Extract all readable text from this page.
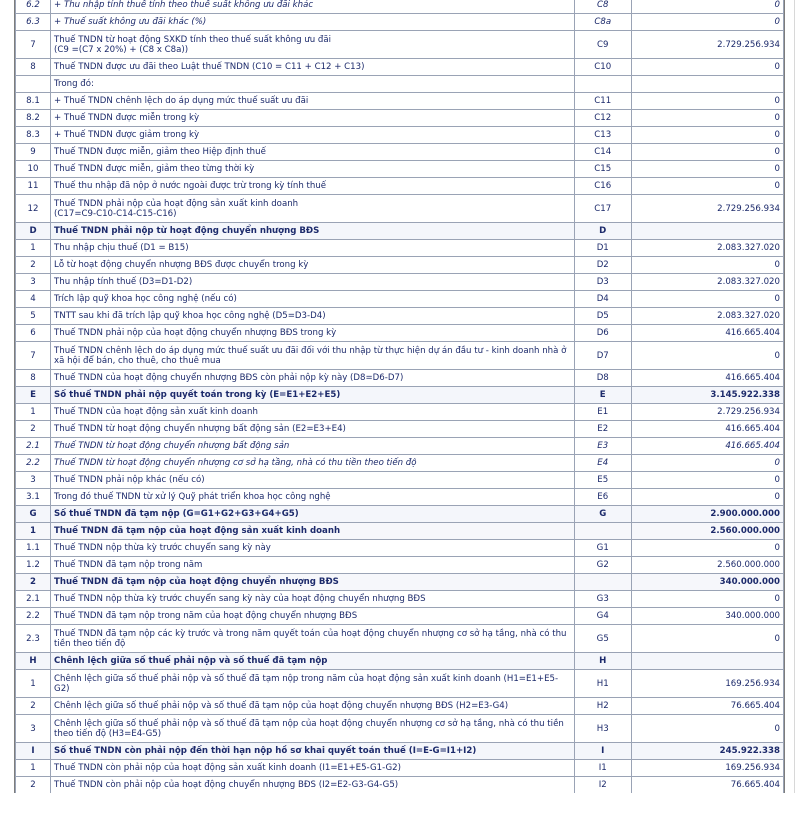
6.2	+ Thu nhập tính thuế tính theo thuế suất không ưu đãi khác	C8	0
6.3	+ Thuế suất không ưu đãi khác (%)	C8a	0
7	Thuế TNDN từ hoạt động SXKD tính theo thuế suất không ưu đãi
(C9 =(C7 x 20%) + (C8 x C8a))	C9	2.729.256.934
8	Thuế TNDN được ưu đãi theo Luật thuế TNDN (C10 = C11 + C12 + C13)	C10	0
	Trong đó:		
8.1	+ Thuế TNDN chênh lệch do áp dụng mức thuế suất ưu đãi	C11	0
8.2	+ Thuế TNDN được miễn trong kỳ	C12	0
8.3	+ Thuế TNDN được giảm trong kỳ	C13	0
9	Thuế TNDN được miễn, giảm theo Hiệp định thuế	C14	0
10	Thuế TNDN được miễn, giảm theo từng thời kỳ	C15	0
11	Thuế thu nhập đã nộp ở nước ngoài được trừ trong kỳ tính thuế	C16	0
12	Thuế TNDN phải nộp của hoạt động sản xuất kinh doanh
(C17=C9-C10-C14-C15-C16)	C17	2.729.256.934
D	Thuế TNDN phải nộp từ hoạt động chuyển nhượng BĐS	D	
1	Thu nhập chịu thuế (D1 = B15)	D1	2.083.327.020
2	Lỗ từ hoạt động chuyển nhượng BĐS được chuyển trong kỳ	D2	0
3	Thu nhập tính thuế (D3=D1-D2)	D3	2.083.327.020
4	Trích lập quỹ khoa học công nghệ (nếu có)	D4	0
5	TNTT sau khi đã trích lập quỹ khoa học công nghệ (D5=D3-D4)	D5	2.083.327.020
6	Thuế TNDN phải nộp của hoạt động chuyển nhượng BĐS trong kỳ	D6	416.665.404
7	Thuế TNDN chênh lệch do áp dụng mức thuế suất ưu đãi đối với thu nhập từ thực hiện dự án đầu tư - kinh doanh nhà ở xã hội để bán, cho thuê, cho thuê mua	D7	0
8	Thuế TNDN của hoạt động chuyển nhượng BĐS còn phải nộp kỳ này (D8=D6-D7)	D8	416.665.404
E	Số thuế TNDN phải nộp quyết toán trong kỳ (E=E1+E2+E5)	E	3.145.922.338
1	Thuế TNDN của hoạt động sản xuất kinh doanh	E1	2.729.256.934
2	Thuế TNDN từ hoạt động chuyển nhượng bất động sản (E2=E3+E4)	E2	416.665.404
2.1	Thuế TNDN từ hoạt động chuyển nhượng bất động sản	E3	416.665.404
2.2	Thuế TNDN từ hoạt động chuyển nhượng cơ sở hạ tầng, nhà có thu tiền theo tiến độ	E4	0
3	Thuế TNDN phải nộp khác (nếu có)	E5	0
3.1	Trong đó thuế TNDN từ xử lý Quỹ phát triển khoa học công nghệ	E6	0
G	Số thuế TNDN đã tạm nộp (G=G1+G2+G3+G4+G5)	G	2.900.000.000
1	Thuế TNDN đã tạm nộp của hoạt động sản xuất kinh doanh		2.560.000.000
1.1	Thuế TNDN nộp thừa kỳ trước chuyển sang kỳ này	G1	0
1.2	Thuế TNDN đã tạm nộp trong năm	G2	2.560.000.000
2	Thuế TNDN đã tạm nộp của hoạt động chuyển nhượng BĐS		340.000.000
2.1	Thuế TNDN nộp thừa kỳ trước chuyển sang kỳ này của hoạt động chuyển nhượng BĐS	G3	0
2.2	Thuế TNDN đã tạm nộp trong năm của hoạt động chuyển nhượng BĐS	G4	340.000.000
2.3	Thuế TNDN đã tạm nộp các kỳ trước và trong năm quyết toán của hoạt động chuyển nhượng cơ sở hạ tầng, nhà có thu tiền theo tiến độ	G5	0
H	Chênh lệch giữa số thuế phải nộp và số thuế đã tạm nộp	H	
1	Chênh lệch giữa số thuế phải nộp và số thuế đã tạm nộp trong năm của hoạt động sản xuất kinh doanh (H1=E1+E5-G2)	H1	169.256.934
2	Chênh lệch giữa số thuế phải nộp và số thuế đã tạm nộp của hoạt động chuyển nhượng BĐS (H2=E3-G4)	H2	76.665.404
3	Chênh lệch giữa số thuế phải nộp và số thuế đã tạm nộp của hoạt động chuyển nhượng cơ sở hạ tầng, nhà có thu tiền theo tiến độ (H3=E4-G5)	H3	0
I	Số thuế TNDN còn phải nộp đến thời hạn nộp hồ sơ khai quyết toán thuế (I=E-G=I1+I2)	I	245.922.338
1	Thuế TNDN còn phải nộp của hoạt động sản xuất kinh doanh (I1=E1+E5-G1-G2)	I1	169.256.934
2	Thuế TNDN còn phải nộp của hoạt động chuyển nhượng BĐS (I2=E2-G3-G4-G5)	I2	76.665.404
